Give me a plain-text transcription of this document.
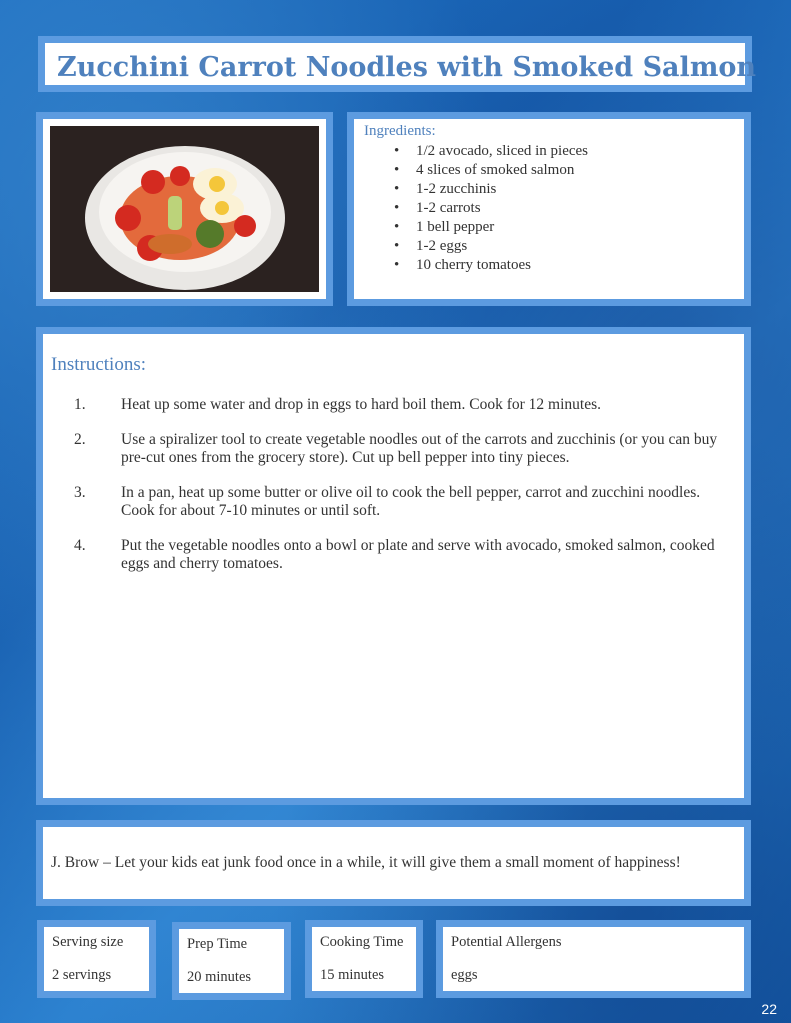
Zucchini Carrot Noodles with Smoked Salmon

Ingredients:

• 1/2 avocado, sliced in pieces
• 4 slices of smoked salmon
• 1-2 zucchinis
• 1-2 carrots
• 1 bell pepper
• 1-2 eggs
• 10 cherry tomatoes

Instructions:

1.	Heat up some water and drop in eggs to hard boil them. Cook for 12 minutes.
2.	Use a spiralizer tool to create vegetable noodles out of the carrots and zucchinis (or you can buy pre-cut ones from the grocery store). Cut up bell pepper into tiny pieces.
3.	In a pan, heat up some butter or olive oil to cook the bell pepper, carrot and zucchini noodles. Cook for about 7-10 minutes or until soft.
4.	Put the vegetable noodles onto a bowl or plate and serve with avocado, smoked salmon, cooked eggs and cherry tomatoes.

J. Brow – Let your kids eat junk food once in a while, it will give them a small moment of happiness!

Serving size

2 servings

Prep Time

20 minutes

Cooking Time

15 minutes

Potential Allergens

eggs

22
